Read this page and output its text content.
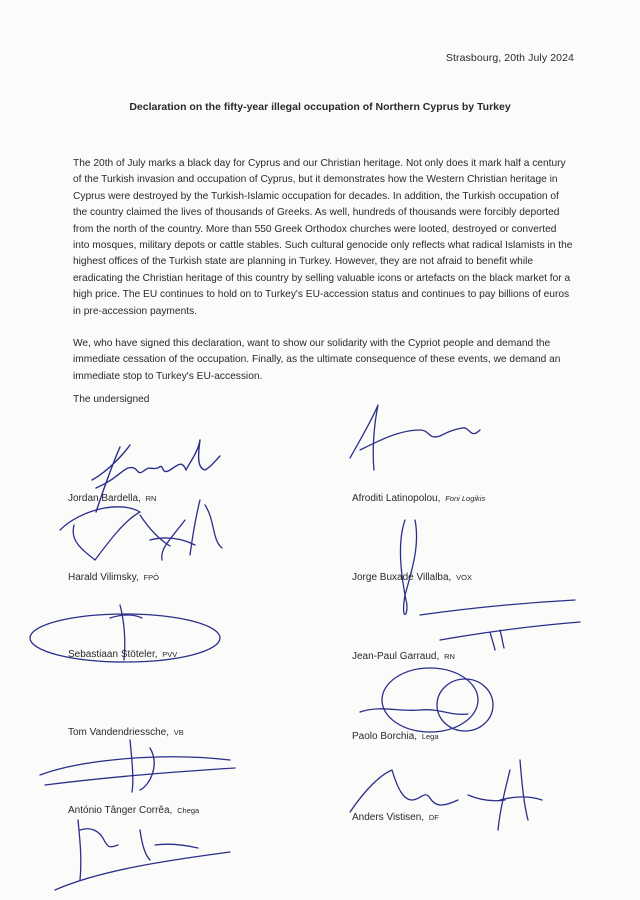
Strasbourg, 20th July 2024
Declaration on the fifty-year illegal occupation of Northern Cyprus by Turkey

The 20th of July marks a black day for Cyprus and our Christian heritage. Not only does it mark half a century of the Turkish invasion and occupation of Cyprus, but it demonstrates how the Western Christian heritage in Cyprus were destroyed by the Turkish-Islamic occupation for decades. In addition, the Turkish occupation of the country claimed the lives of thousands of Greeks. As well, hundreds of thousands were forcibly deported from the north of the country. More than 550 Greek Orthodox churches were looted, destroyed or converted into mosques, military depots or cattle stables. Such cultural genocide only reflects what radical Islamists in the highest offices of the Turkish state are planning in Turkey. However, they are not afraid to benefit while eradicating the Christian heritage of this country by selling valuable icons or artefacts on the black market for a high price. The EU continues to hold on to Turkey's EU-accession status and continues to pay billions of euros in pre-accession payments.

We, who have signed this declaration, want to show our solidarity with the Cypriot people and demand the immediate cessation of the occupation. Finally, as the ultimate consequence of these events, we demand an immediate stop to Turkey's EU-accession.

The undersigned
Jordan Bardella, RN
Harald Vilimsky, FPÖ
Sebastiaan Stöteler, PVV
Tom Vandendriessche, VB
António Tânger Corrêa, Chega
Afroditi Latinopolou, Foni Logikis
Jorge Buxadé Villalba, VOX
Jean-Paul Garraud, RN
Paolo Borchia, Lega
Anders Vistisen, DF
